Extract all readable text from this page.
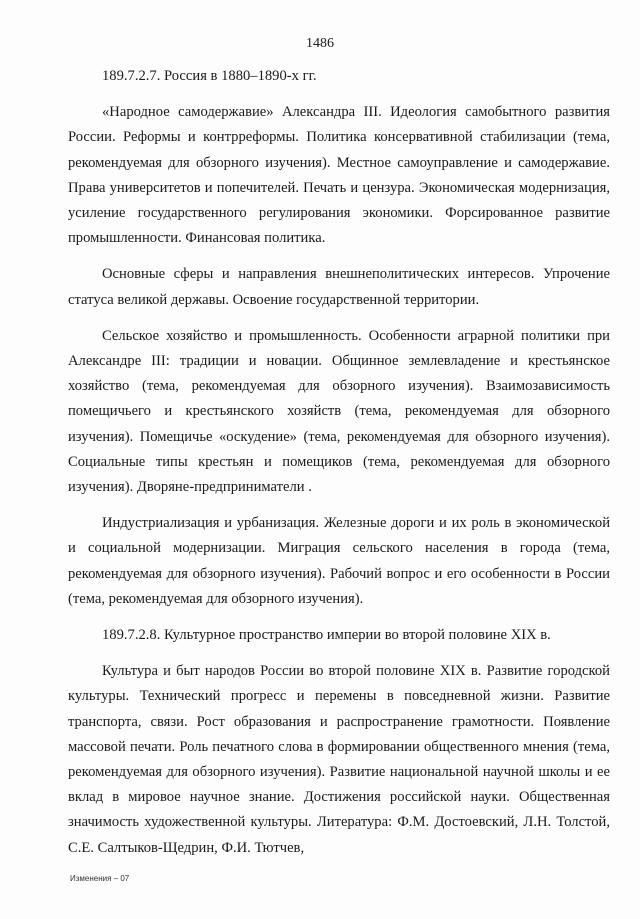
1486
189.7.2.7. Россия в 1880–1890-х гг.

«Народное самодержавие» Александра III. Идеология самобытного развития России. Реформы и контрреформы. Политика консервативной стабилизации (тема, рекомендуемая для обзорного изучения). Местное самоуправление и самодержавие. Права университетов и попечителей. Печать и цензура. Экономическая модернизация, усиление государственного регулирования экономики. Форсированное развитие промышленности. Финансовая политика.

Основные сферы и направления внешнеполитических интересов. Упрочение статуса великой державы. Освоение государственной территории.

Сельское хозяйство и промышленность. Особенности аграрной политики при Александре III: традиции и новации. Общинное землевладение и крестьянское хозяйство (тема, рекомендуемая для обзорного изучения). Взаимозависимость помещичьего и крестьянского хозяйств (тема, рекомендуемая для обзорного изучения). Помещичье «оскудение» (тема, рекомендуемая для обзорного изучения). Социальные типы крестьян и помещиков (тема, рекомендуемая для обзорного изучения). Дворяне-предприниматели .

Индустриализация и урбанизация. Железные дороги и их роль в экономической и социальной модернизации. Миграция сельского населения в города (тема, рекомендуемая для обзорного изучения). Рабочий вопрос и его особенности в России (тема, рекомендуемая для обзорного изучения).

189.7.2.8. Культурное пространство империи во второй половине XIX в.

Культура и быт народов России во второй половине XIX в. Развитие городской культуры. Технический прогресс и перемены в повседневной жизни. Развитие транспорта, связи. Рост образования и распространение грамотности. Появление массовой печати. Роль печатного слова в формировании общественного мнения (тема, рекомендуемая для обзорного изучения). Развитие национальной научной школы и ее вклад в мировое научное знание. Достижения российской науки. Общественная значимость художественной культуры. Литература: Ф.М. Достоевский, Л.Н. Толстой, С.Е. Салтыков-Щедрин, Ф.И. Тютчев,

Изменения – 07
